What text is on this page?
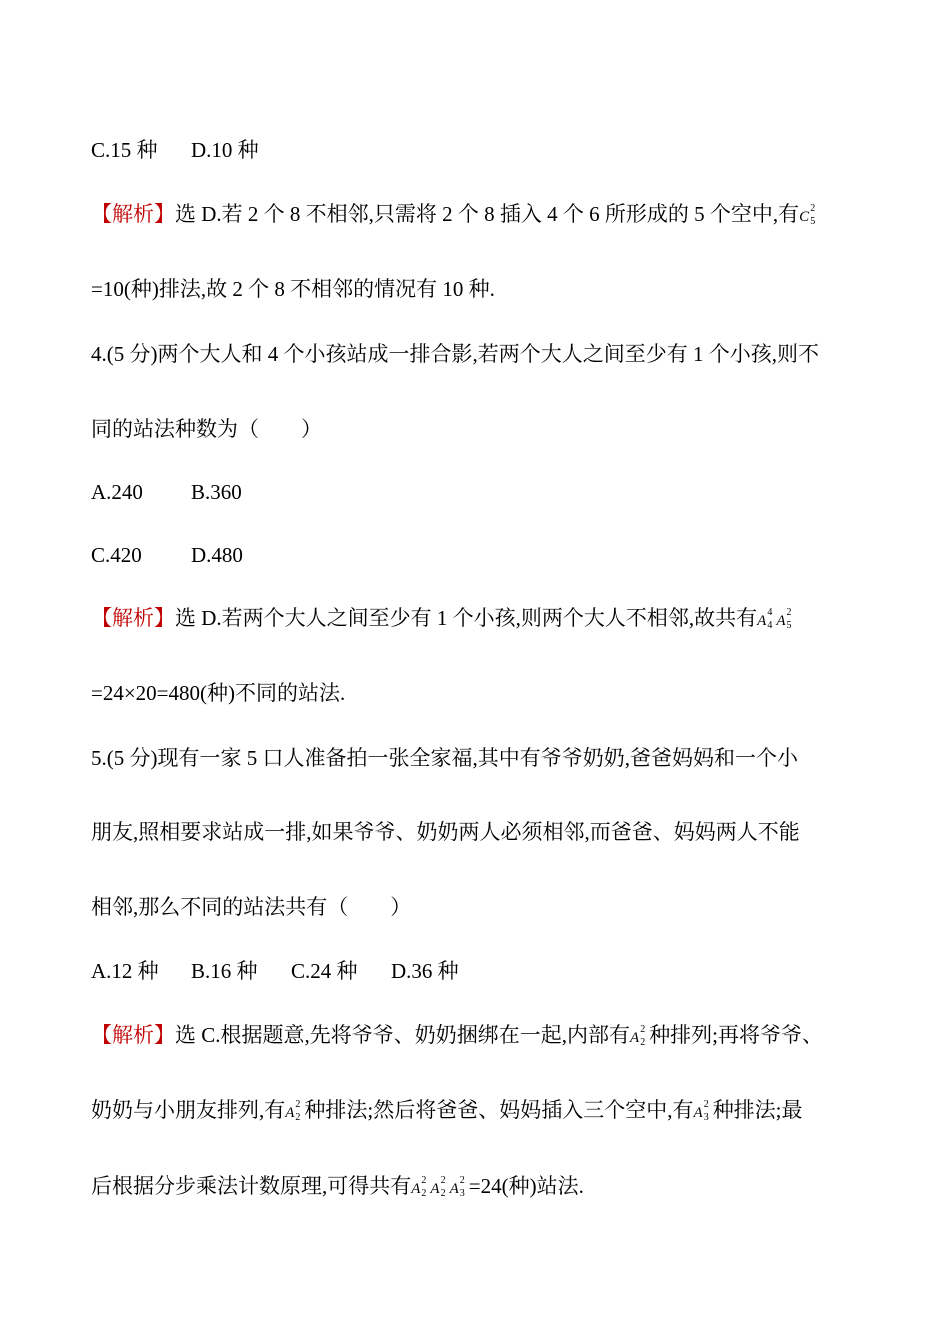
C.15 种 D.10 种
【解析】选 D.若 2 个 8 不相邻,只需将 2 个 8 插入 4 个 6 所形成的 5 个空中,有C
2
5
=10(种)排法,故 2 个 8 不相邻的情况有 10 种.
4.(5 分)两个大人和 4 个小孩站成一排合影,若两个大人之间至少有 1 个小孩,则不
同的站法种数为（　　）
A.240 B.360
C.420 D.480
【解析】选 D.若两个大人之间至少有 1 个小孩,则两个大人不相邻,故共有A
4
4 A
2
5
=24×20=480(种)不同的站法.
5.(5 分)现有一家 5 口人准备拍一张全家福,其中有爷爷奶奶,爸爸妈妈和一个小
朋友,照相要求站成一排,如果爷爷、奶奶两人必须相邻,而爸爸、妈妈两人不能
相邻,那么不同的站法共有（　　）
A.12 种 B.16 种 C.24 种 D.36 种
【解析】选 C.根据题意,先将爷爷、奶奶捆绑在一起,内部有A
2
2 种排列;再将爷爷、
奶奶与小朋友排列,有A
2
2 种排法;然后将爸爸、妈妈插入三个空中,有A
2
3 种排法;最
后根据分步乘法计数原理,可得共有A
2
2 A
2
2 A
2
3 =24(种)站法.
